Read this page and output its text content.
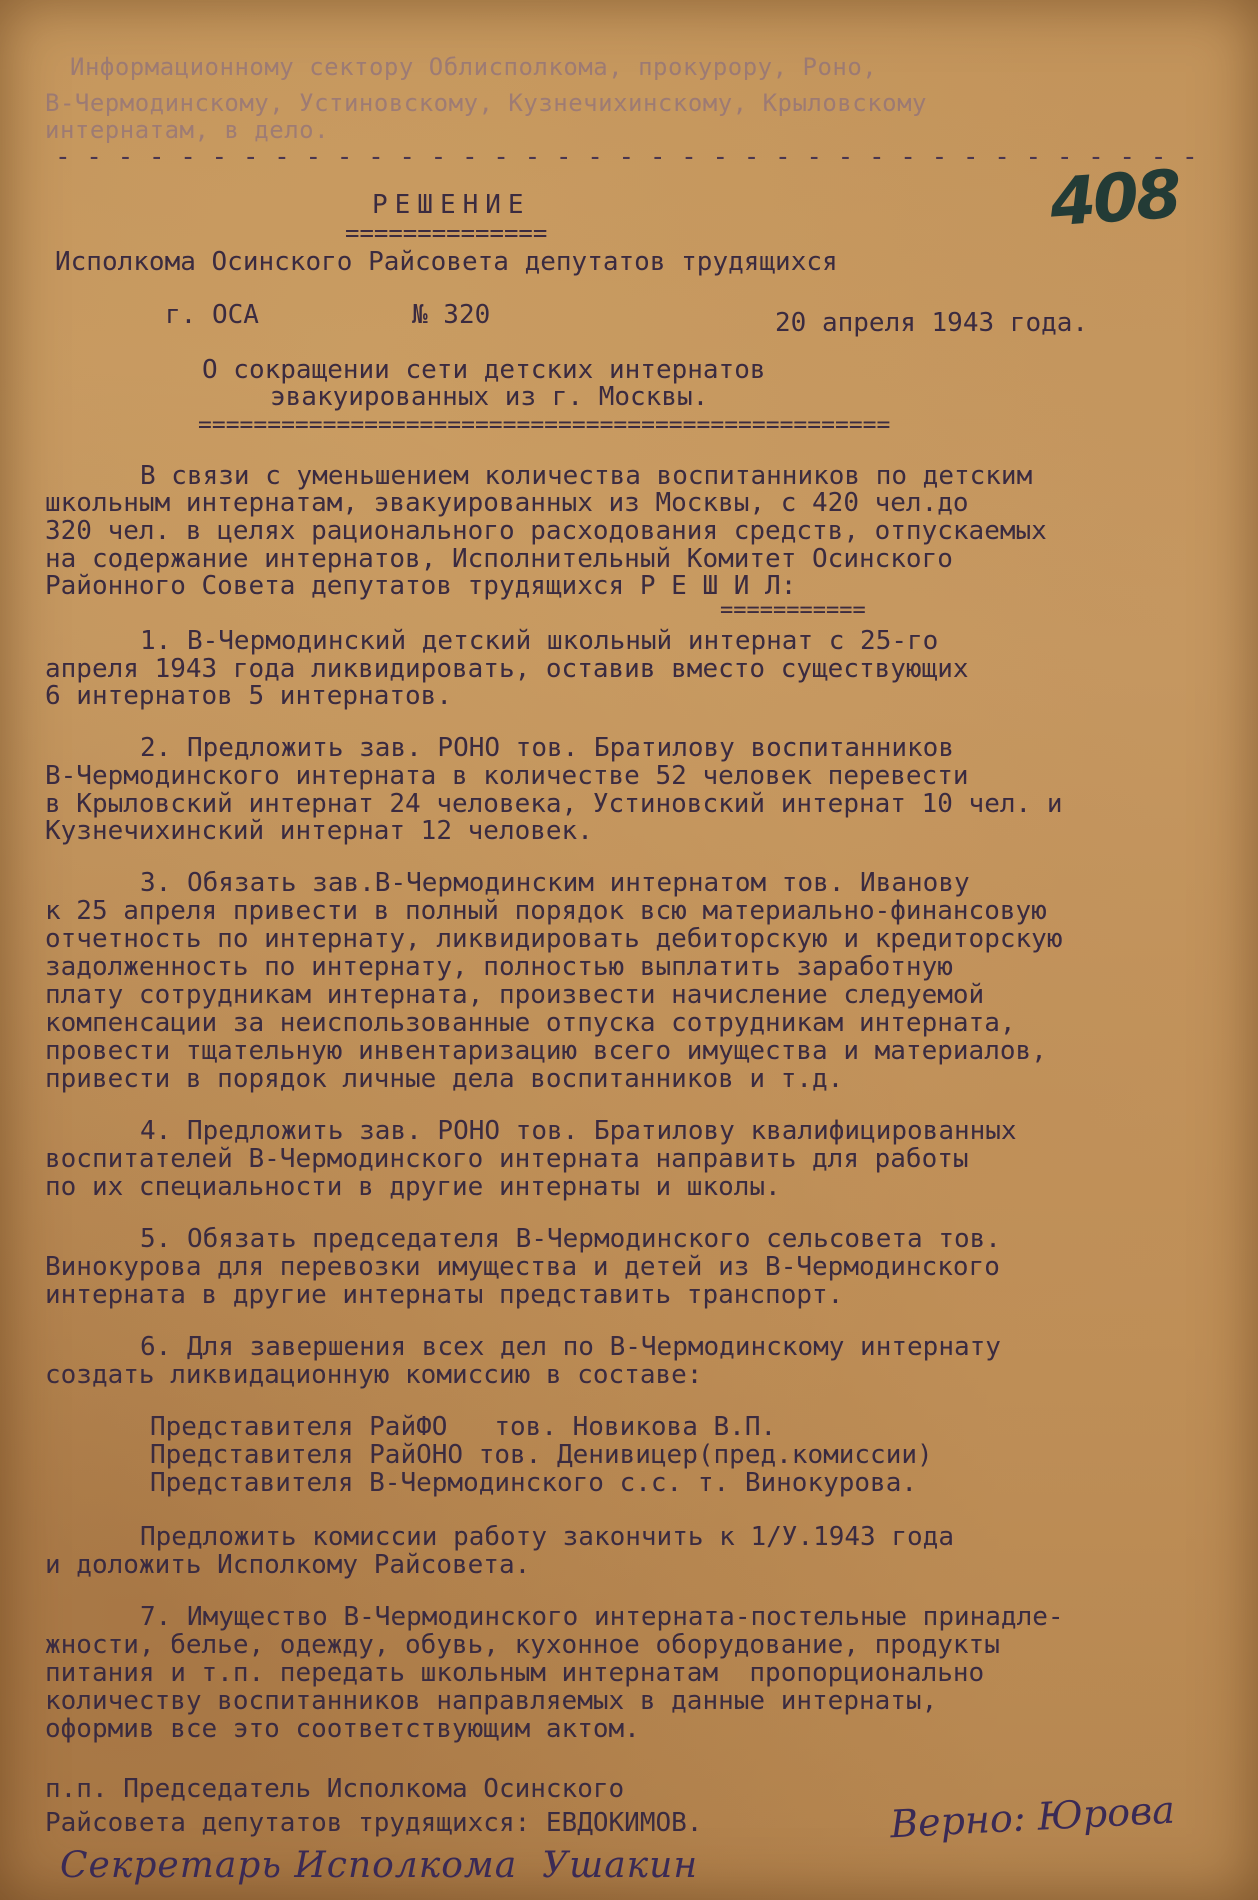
Информационному сектору Облисполкома, прокурору, Роно,
В-Чермодинскому, Устиновскому, Кузнечихинскому, Крыловскому
интернатам, в дело.
- - - - - - - - - - - - - - - - - - - - - - - - - - - - - - - - - - - - -
408
РЕШЕНИЕ
==============
Исполкома Осинского Райсовета депутатов трудящихся
г. ОСА	№ 320	20 апреля 1943 года.
О сокращении сети детских интернатов
эвакуированных из г. Москвы.
==================================================
В связи с уменьшением количества воспитанников по детским
школьным интернатам, эвакуированных из Москвы, с 420 чел.до
320 чел. в целях рационального расходования средств, отпускаемых
на содержание интернатов, Исполнительный Комитет Осинского
Районного Совета депутатов трудящихся Р Е Ш И Л:
===========
1. В-Чермодинский детский школьный интернат с 25-го
апреля 1943 года ликвидировать, оставив вместо существующих
6 интернатов 5 интернатов.
2. Предложить зав. РОНО тов. Братилову воспитанников
В-Чермодинского интерната в количестве 52 человек перевести
в Крыловский интернат 24 человека, Устиновский интернат 10 чел. и
Кузнечихинский интернат 12 человек.
3. Обязать зав.В-Чермодинским интернатом тов. Иванову
к 25 апреля привести в полный порядок всю материально-финансовую
отчетность по интернату, ликвидировать дебиторскую и кредиторскую
задолженность по интернату, полностью выплатить заработную
плату сотрудникам интерната, произвести начисление следуемой
компенсации за неиспользованные отпуска сотрудникам интерната,
провести тщательную инвентаризацию всего имущества и материалов,
привести в порядок личные дела воспитанников и т.д.
4. Предложить зав. РОНО тов. Братилову квалифицированных
воспитателей В-Чермодинского интерната направить для работы
по их специальности в другие интернаты и школы.
5. Обязать председателя В-Чермодинского сельсовета тов.
Винокурова для перевозки имущества и детей из В-Чермодинского
интерната в другие интернаты представить транспорт.
6. Для завершения всех дел по В-Чермодинскому интернату
создать ликвидационную комиссию в составе:
Представителя РайФО   тов. Новикова В.П.
Представителя РайОНО тов. Денивицер(пред.комиссии)
Представителя В-Чермодинского с.с. т. Винокурова.
Предложить комиссии работу закончить к 1/У.1943 года
и доложить Исполкому Райсовета.
7. Имущество В-Чермодинского интерната-постельные принадле-
жности, белье, одежду, обувь, кухонное оборудование, продукты
питания и т.п. передать школьным интернатам  пропорционально
количеству воспитанников направляемых в данные интернаты,
оформив все это соответствующим актом.
п.п. Председатель Исполкома Осинского
Райсовета депутатов трудящихся: ЕВДОКИМОВ.
Секретарь Исполкома  Ушакин
Верно: Юрова
